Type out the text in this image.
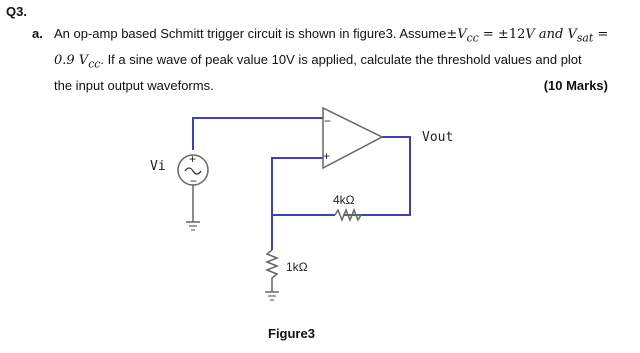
Q3.
a. An op-amp based Schmitt trigger circuit is shown in figure3. $Assume\pm V_{cc} = \pm 12V$ and $V_{sat}$ =
0.9 $V_{cc}$. If a sine wave of peak value 10V is applied, calculate the threshold values and plot
the input output waveforms.	(10 Marks)
−
+
+
−
Vi
Vout
4kΩ
1kΩ
Figure3
